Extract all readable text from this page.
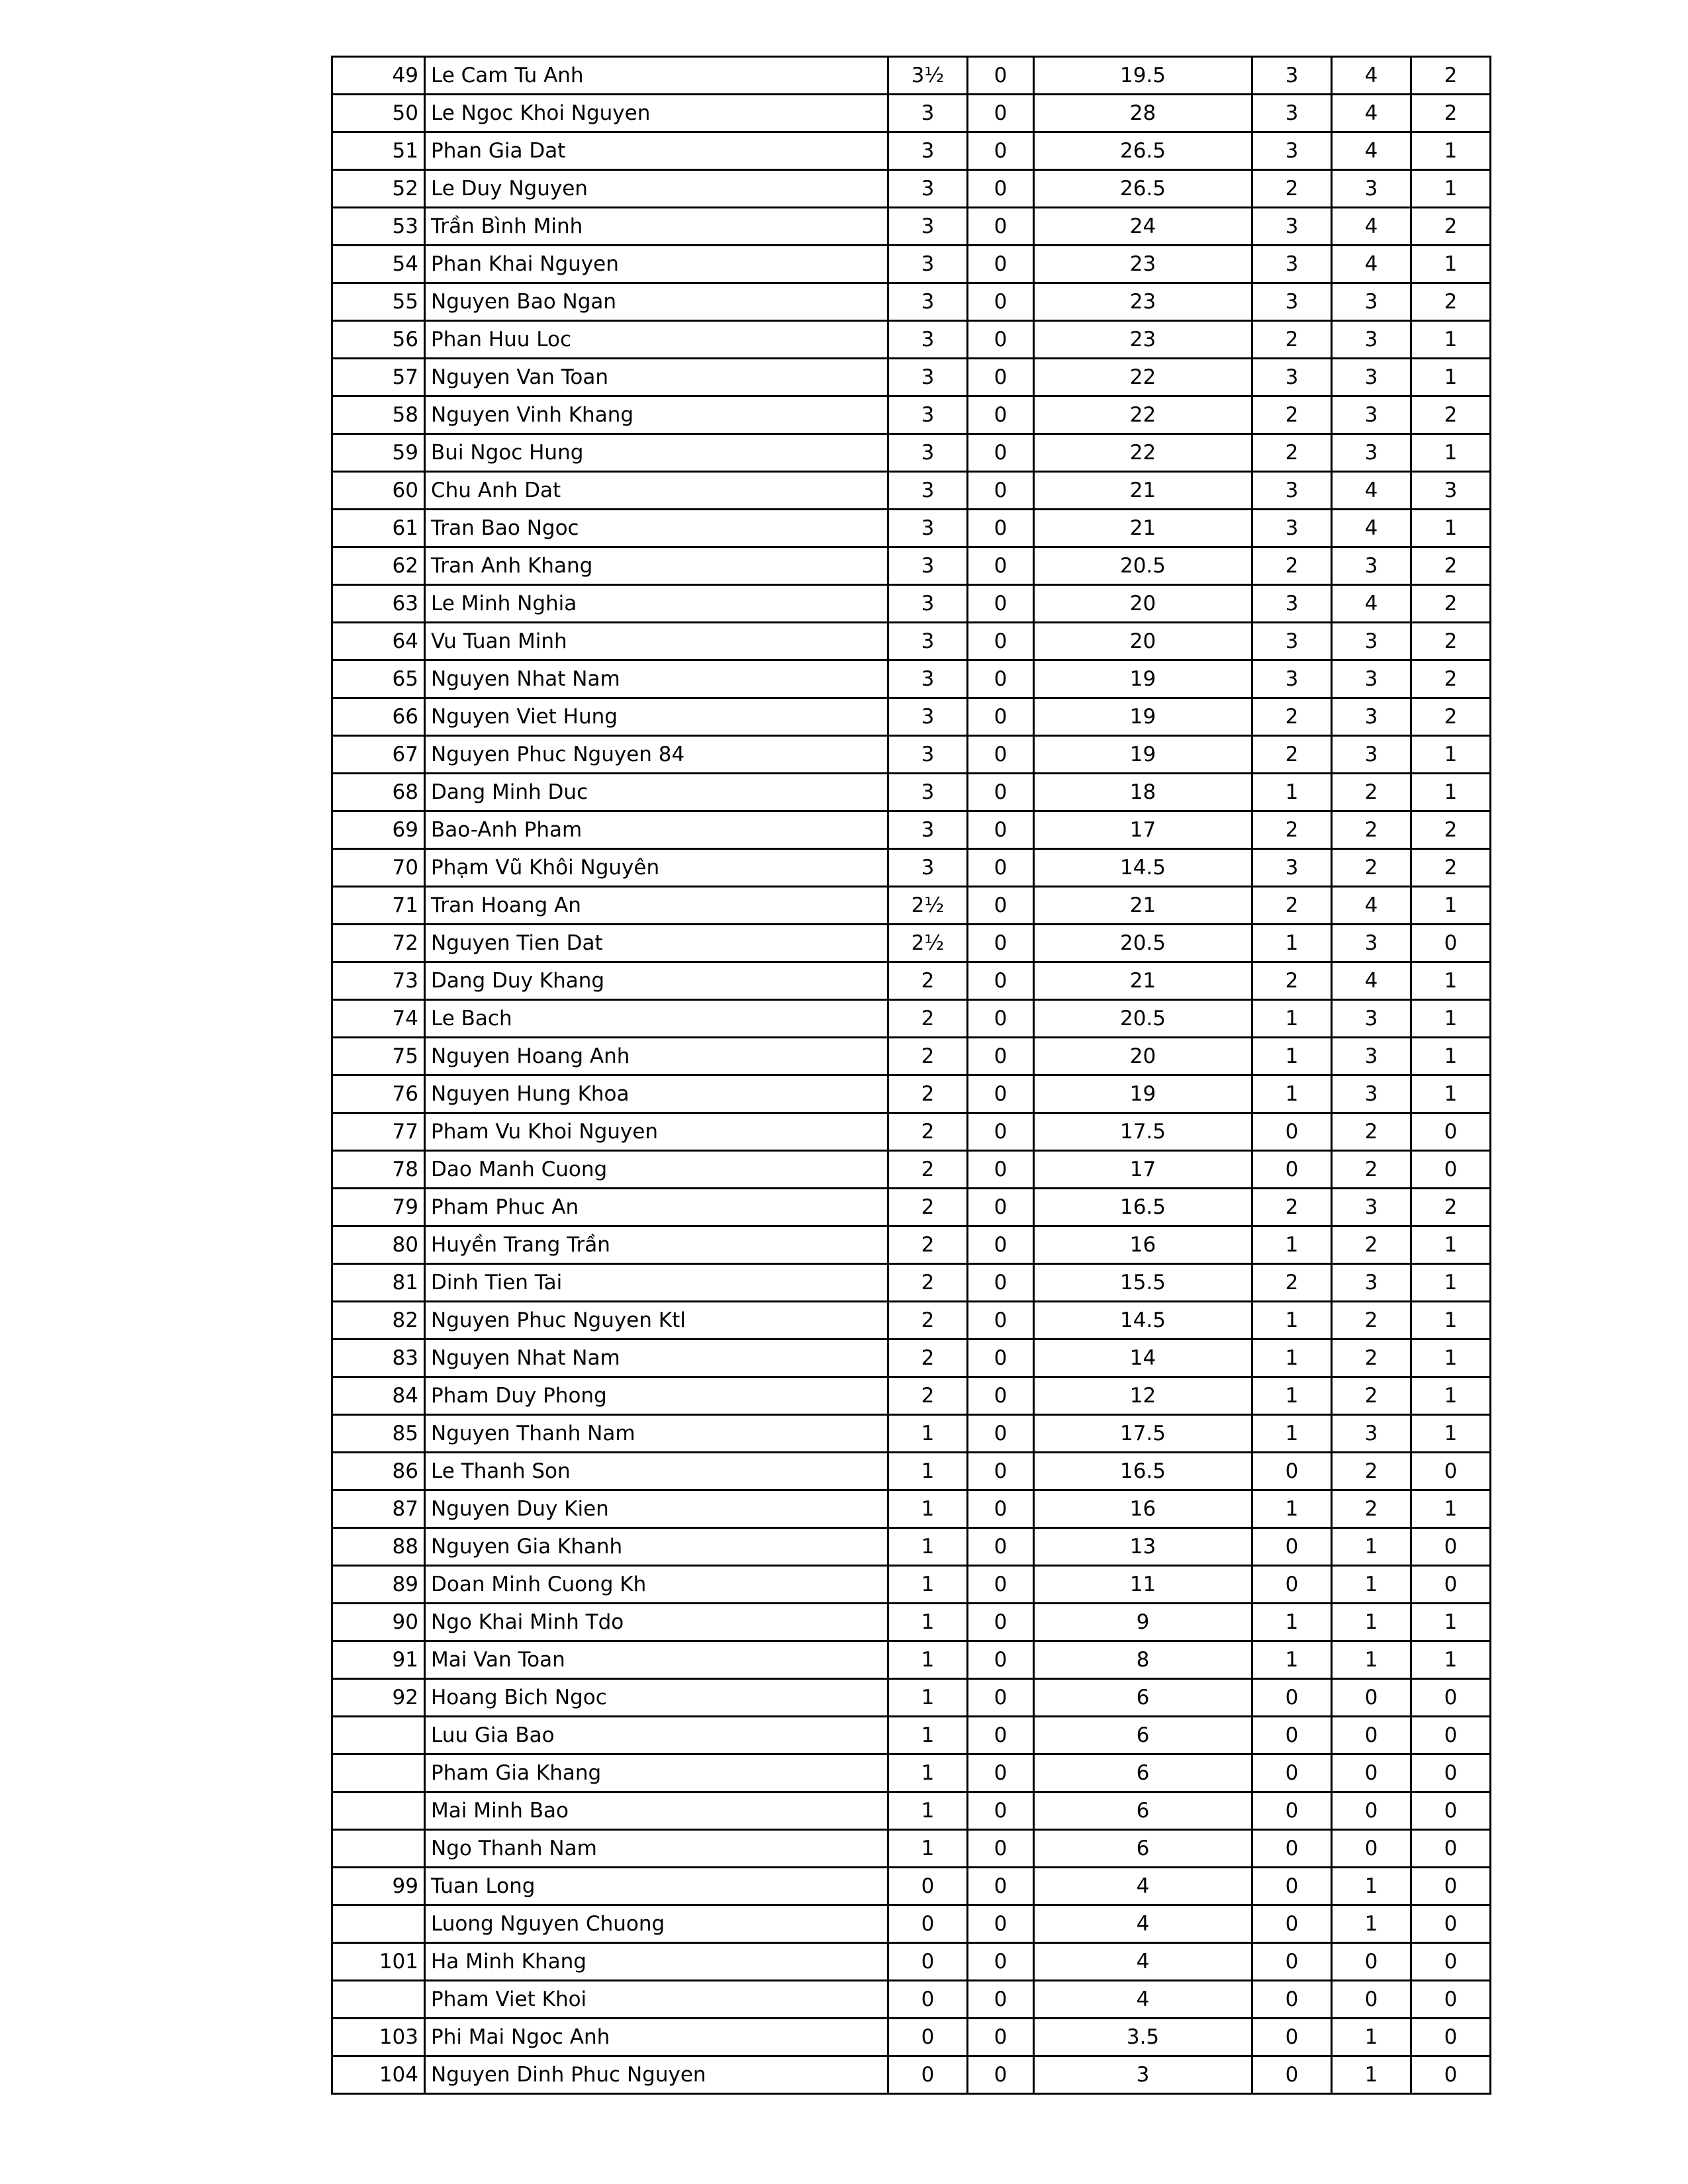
49	Le Cam Tu Anh	3½	0	19.5	3	4	2
50	Le Ngoc Khoi Nguyen	3	0	28	3	4	2
51	Phan Gia Dat	3	0	26.5	3	4	1
52	Le Duy Nguyen	3	0	26.5	2	3	1
53	Trần Bình Minh	3	0	24	3	4	2
54	Phan Khai Nguyen	3	0	23	3	4	1
55	Nguyen Bao Ngan	3	0	23	3	3	2
56	Phan Huu Loc	3	0	23	2	3	1
57	Nguyen Van Toan	3	0	22	3	3	1
58	Nguyen Vinh Khang	3	0	22	2	3	2
59	Bui Ngoc Hung	3	0	22	2	3	1
60	Chu Anh Dat	3	0	21	3	4	3
61	Tran Bao Ngoc	3	0	21	3	4	1
62	Tran Anh Khang	3	0	20.5	2	3	2
63	Le Minh Nghia	3	0	20	3	4	2
64	Vu Tuan Minh	3	0	20	3	3	2
65	Nguyen Nhat Nam	3	0	19	3	3	2
66	Nguyen Viet Hung	3	0	19	2	3	2
67	Nguyen Phuc Nguyen 84	3	0	19	2	3	1
68	Dang Minh Duc	3	0	18	1	2	1
69	Bao-Anh Pham	3	0	17	2	2	2
70	Phạm Vũ Khôi Nguyên	3	0	14.5	3	2	2
71	Tran Hoang An	2½	0	21	2	4	1
72	Nguyen Tien Dat	2½	0	20.5	1	3	0
73	Dang Duy Khang	2	0	21	2	4	1
74	Le Bach	2	0	20.5	1	3	1
75	Nguyen Hoang Anh	2	0	20	1	3	1
76	Nguyen Hung Khoa	2	0	19	1	3	1
77	Pham Vu Khoi Nguyen	2	0	17.5	0	2	0
78	Dao Manh Cuong	2	0	17	0	2	0
79	Pham Phuc An	2	0	16.5	2	3	2
80	Huyền Trang Trần	2	0	16	1	2	1
81	Dinh Tien Tai	2	0	15.5	2	3	1
82	Nguyen Phuc Nguyen Ktl	2	0	14.5	1	2	1
83	Nguyen Nhat Nam	2	0	14	1	2	1
84	Pham Duy Phong	2	0	12	1	2	1
85	Nguyen Thanh Nam	1	0	17.5	1	3	1
86	Le Thanh Son	1	0	16.5	0	2	0
87	Nguyen Duy Kien	1	0	16	1	2	1
88	Nguyen Gia Khanh	1	0	13	0	1	0
89	Doan Minh Cuong Kh	1	0	11	0	1	0
90	Ngo Khai Minh Tdo	1	0	9	1	1	1
91	Mai Van Toan	1	0	8	1	1	1
92	Hoang Bich Ngoc	1	0	6	0	0	0
	Luu Gia Bao	1	0	6	0	0	0
	Pham Gia Khang	1	0	6	0	0	0
	Mai Minh Bao	1	0	6	0	0	0
	Ngo Thanh Nam	1	0	6	0	0	0
99	Tuan Long	0	0	4	0	1	0
	Luong Nguyen Chuong	0	0	4	0	1	0
101	Ha Minh Khang	0	0	4	0	0	0
	Pham Viet Khoi	0	0	4	0	0	0
103	Phi Mai Ngoc Anh	0	0	3.5	0	1	0
104	Nguyen Dinh Phuc Nguyen	0	0	3	0	1	0
